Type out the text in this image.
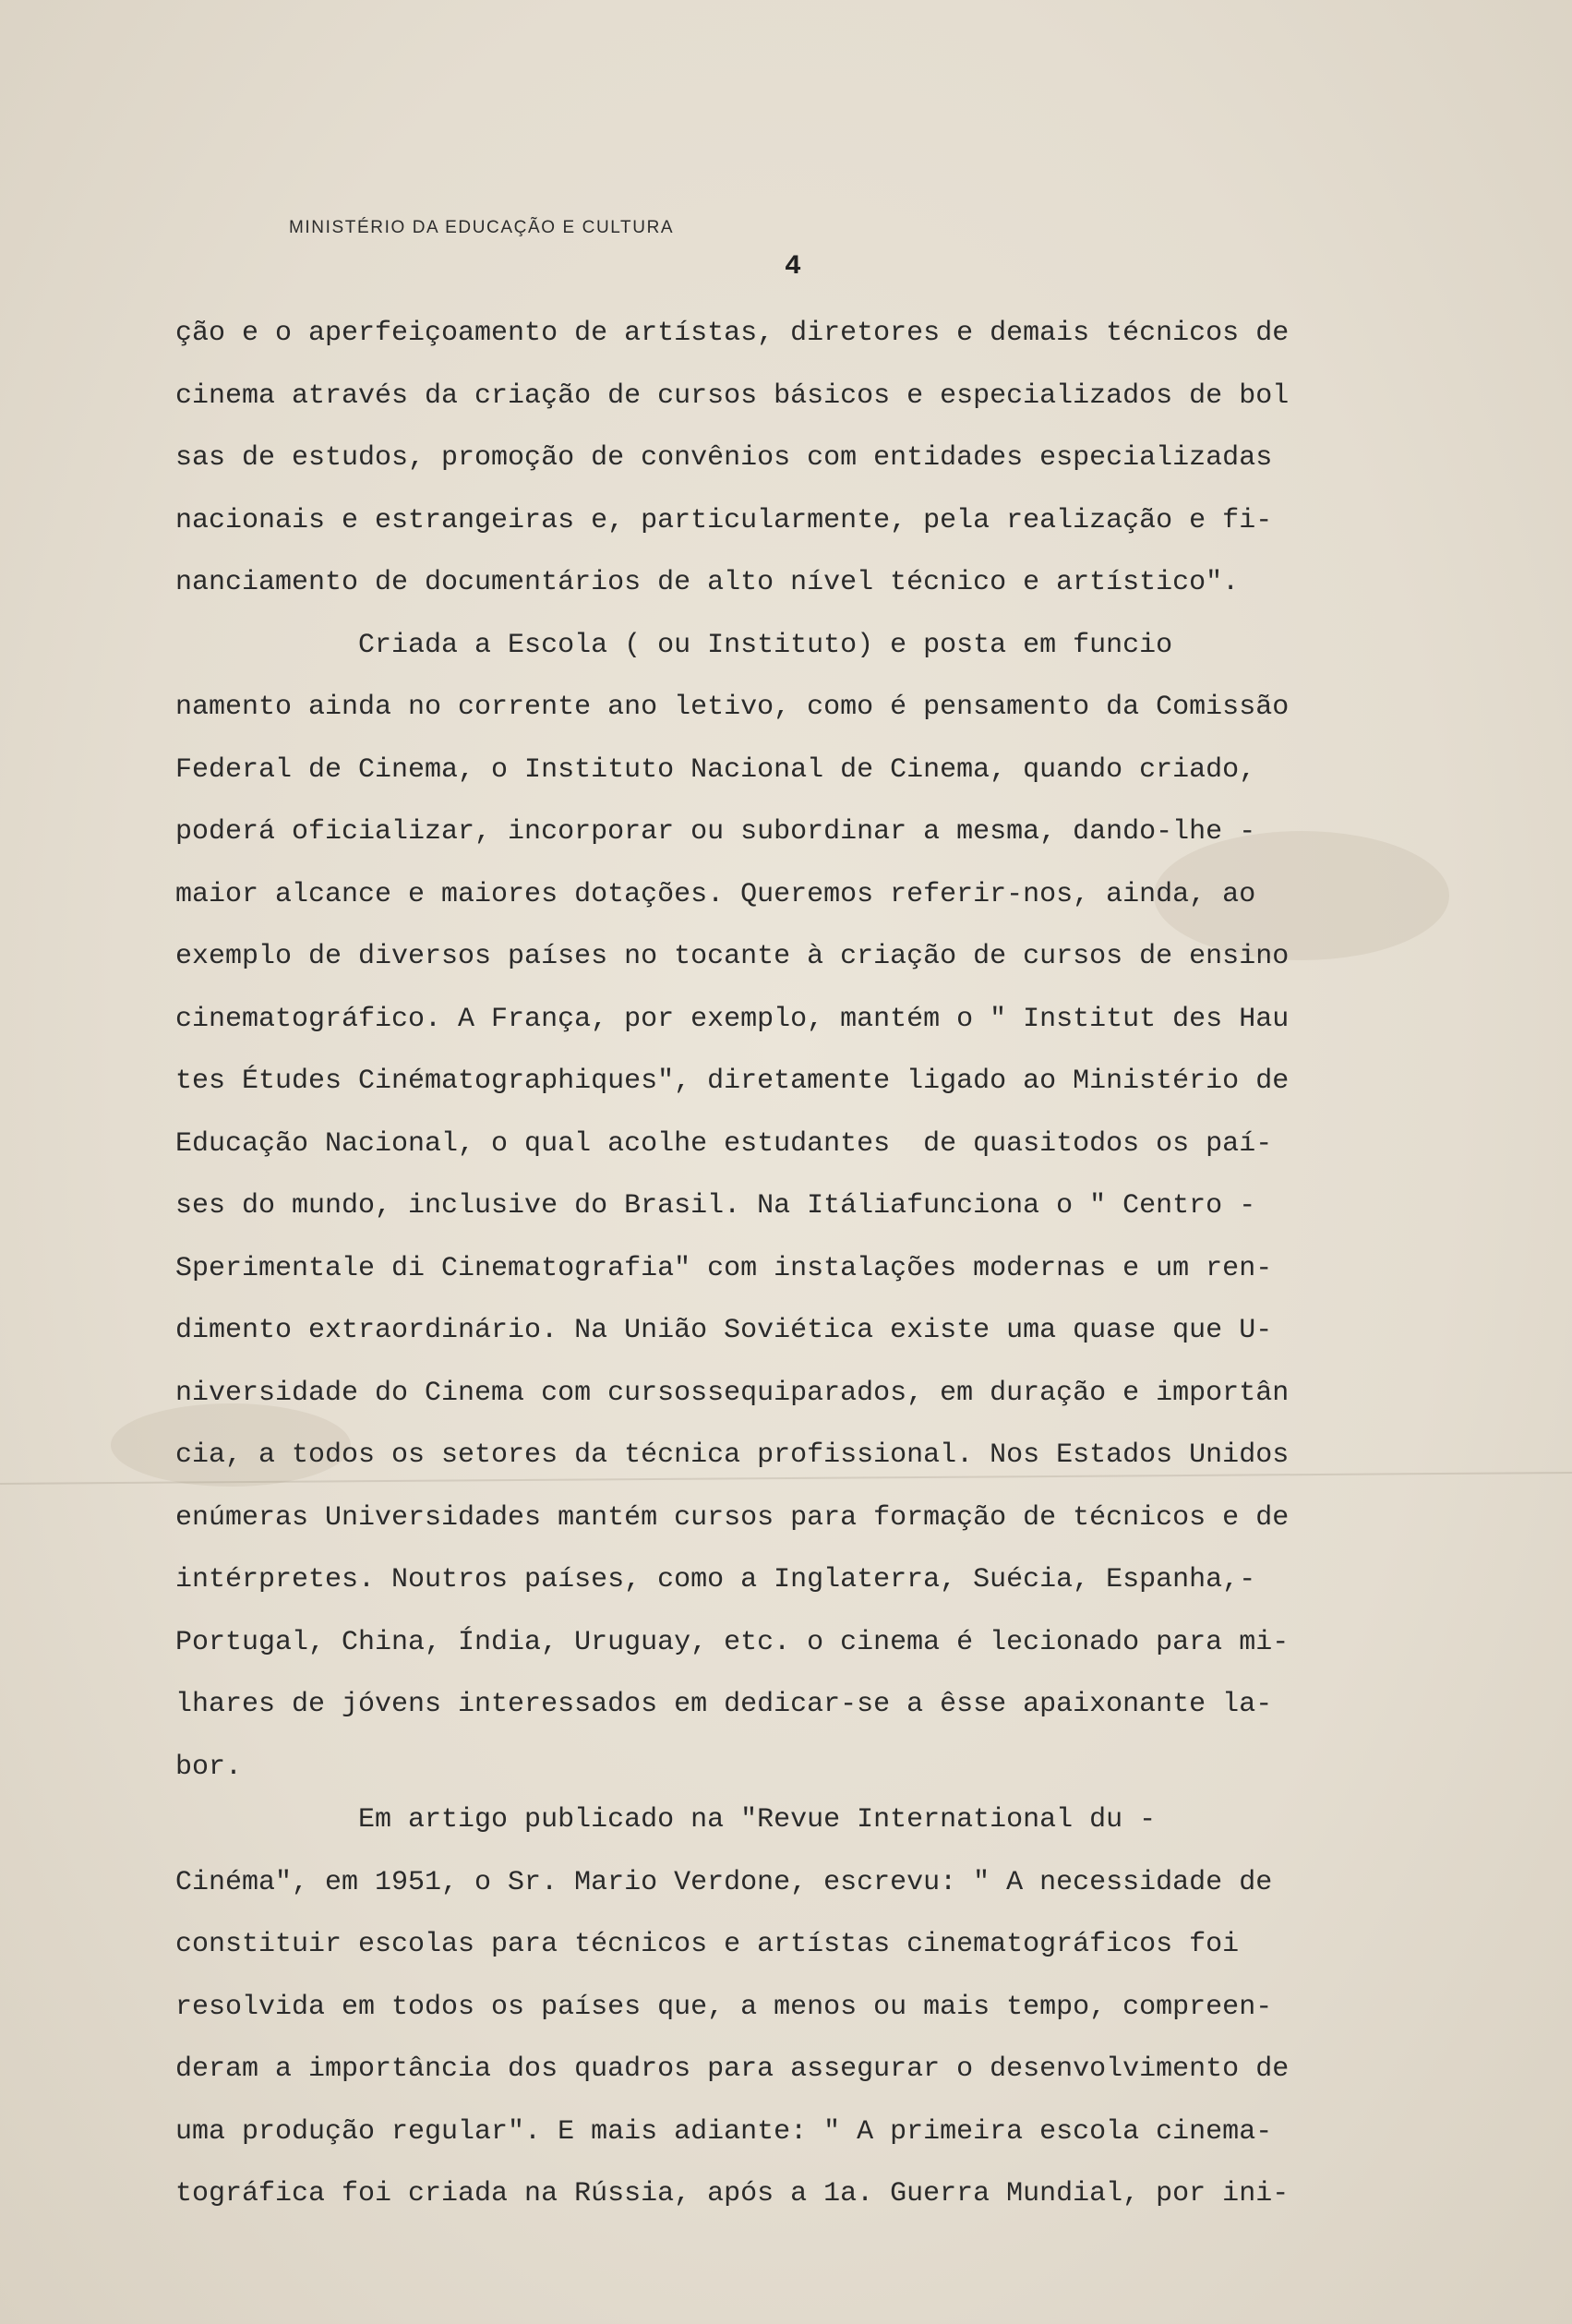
MINISTÉRIO DA EDUCAÇÃO E CULTURA
4
ção e o aperfeiçoamento de artístas, diretores e demais técnicos de
cinema através da criação de cursos básicos e especializados de bol
sas de estudos, promoção de convênios com entidades especializadas
nacionais e estrangeiras e, particularmente, pela realização e fi-
nanciamento de documentários de alto nível técnico e artístico".
Criada a Escola ( ou Instituto) e posta em funcio
namento ainda no corrente ano letivo, como é pensamento da Comissão
Federal de Cinema, o Instituto Nacional de Cinema, quando criado,
poderá oficializar, incorporar ou subordinar a mesma, dando-lhe -
maior alcance e maiores dotações. Queremos referir-nos, ainda, ao
exemplo de diversos países no tocante à criação de cursos de ensino
cinematográfico. A França, por exemplo, mantém o " Institut des Hau
tes Études Cinématographiques", diretamente ligado ao Ministério de
Educação Nacional, o qual acolhe estudantes  de quasitodos os paí-
ses do mundo, inclusive do Brasil. Na Itáliafunciona o " Centro -
Sperimentale di Cinematografia" com instalações modernas e um ren-
dimento extraordinário. Na União Soviética existe uma quase que U-
niversidade do Cinema com cursossequiparados, em duração e importân
cia, a todos os setores da técnica profissional. Nos Estados Unidos
enúmeras Universidades mantém cursos para formação de técnicos e de
intérpretes. Noutros países, como a Inglaterra, Suécia, Espanha,-
Portugal, China, Índia, Uruguay, etc. o cinema é lecionado para mi-
lhares de jóvens interessados em dedicar-se a êsse apaixonante la-
bor.
Em artigo publicado na "Revue International du -
Cinéma", em 1951, o Sr. Mario Verdone, escrevu: " A necessidade de
constituir escolas para técnicos e artístas cinematográficos foi
resolvida em todos os países que, a menos ou mais tempo, compreen-
deram a importância dos quadros para assegurar o desenvolvimento de
uma produção regular". E mais adiante: " A primeira escola cinema-
tográfica foi criada na Rússia, após a 1a. Guerra Mundial, por ini-
